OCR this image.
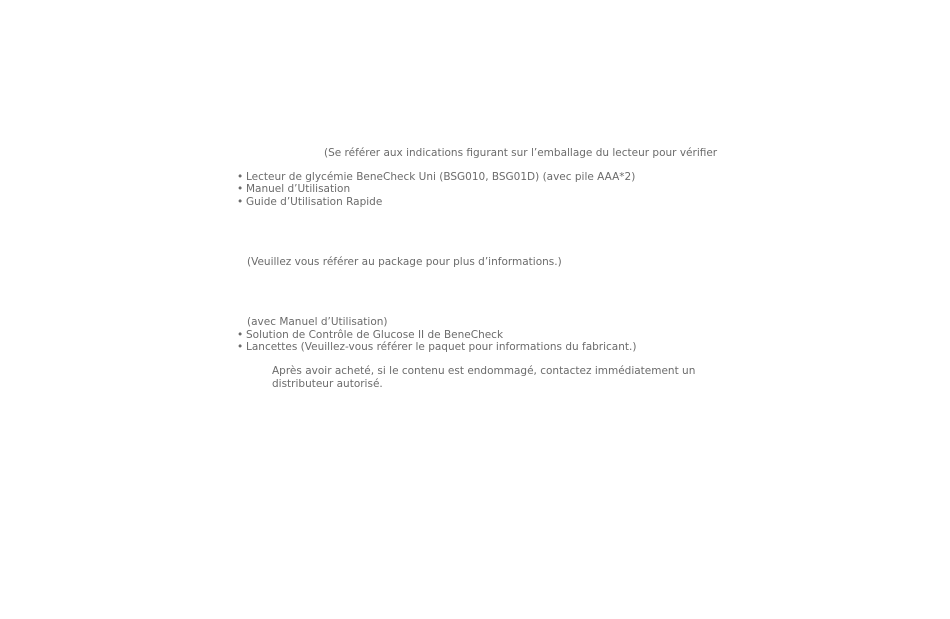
(Se référer aux indications figurant sur l’emballage du lecteur pour vérifier
• Lecteur de glycémie BeneCheck Uni (BSG010, BSG01D) (avec pile AAA*2)
• Manuel d’Utilisation
• Guide d’Utilisation Rapide
(Veuillez vous référer au package pour plus d’informations.)
(avec Manuel d’Utilisation)
• Solution de Contrôle de Glucose II de BeneCheck
• Lancettes (Veuillez-vous référer le paquet pour informations du fabricant.)
Après avoir acheté, si le contenu est endommagé, contactez immédiatement un
distributeur autorisé.
